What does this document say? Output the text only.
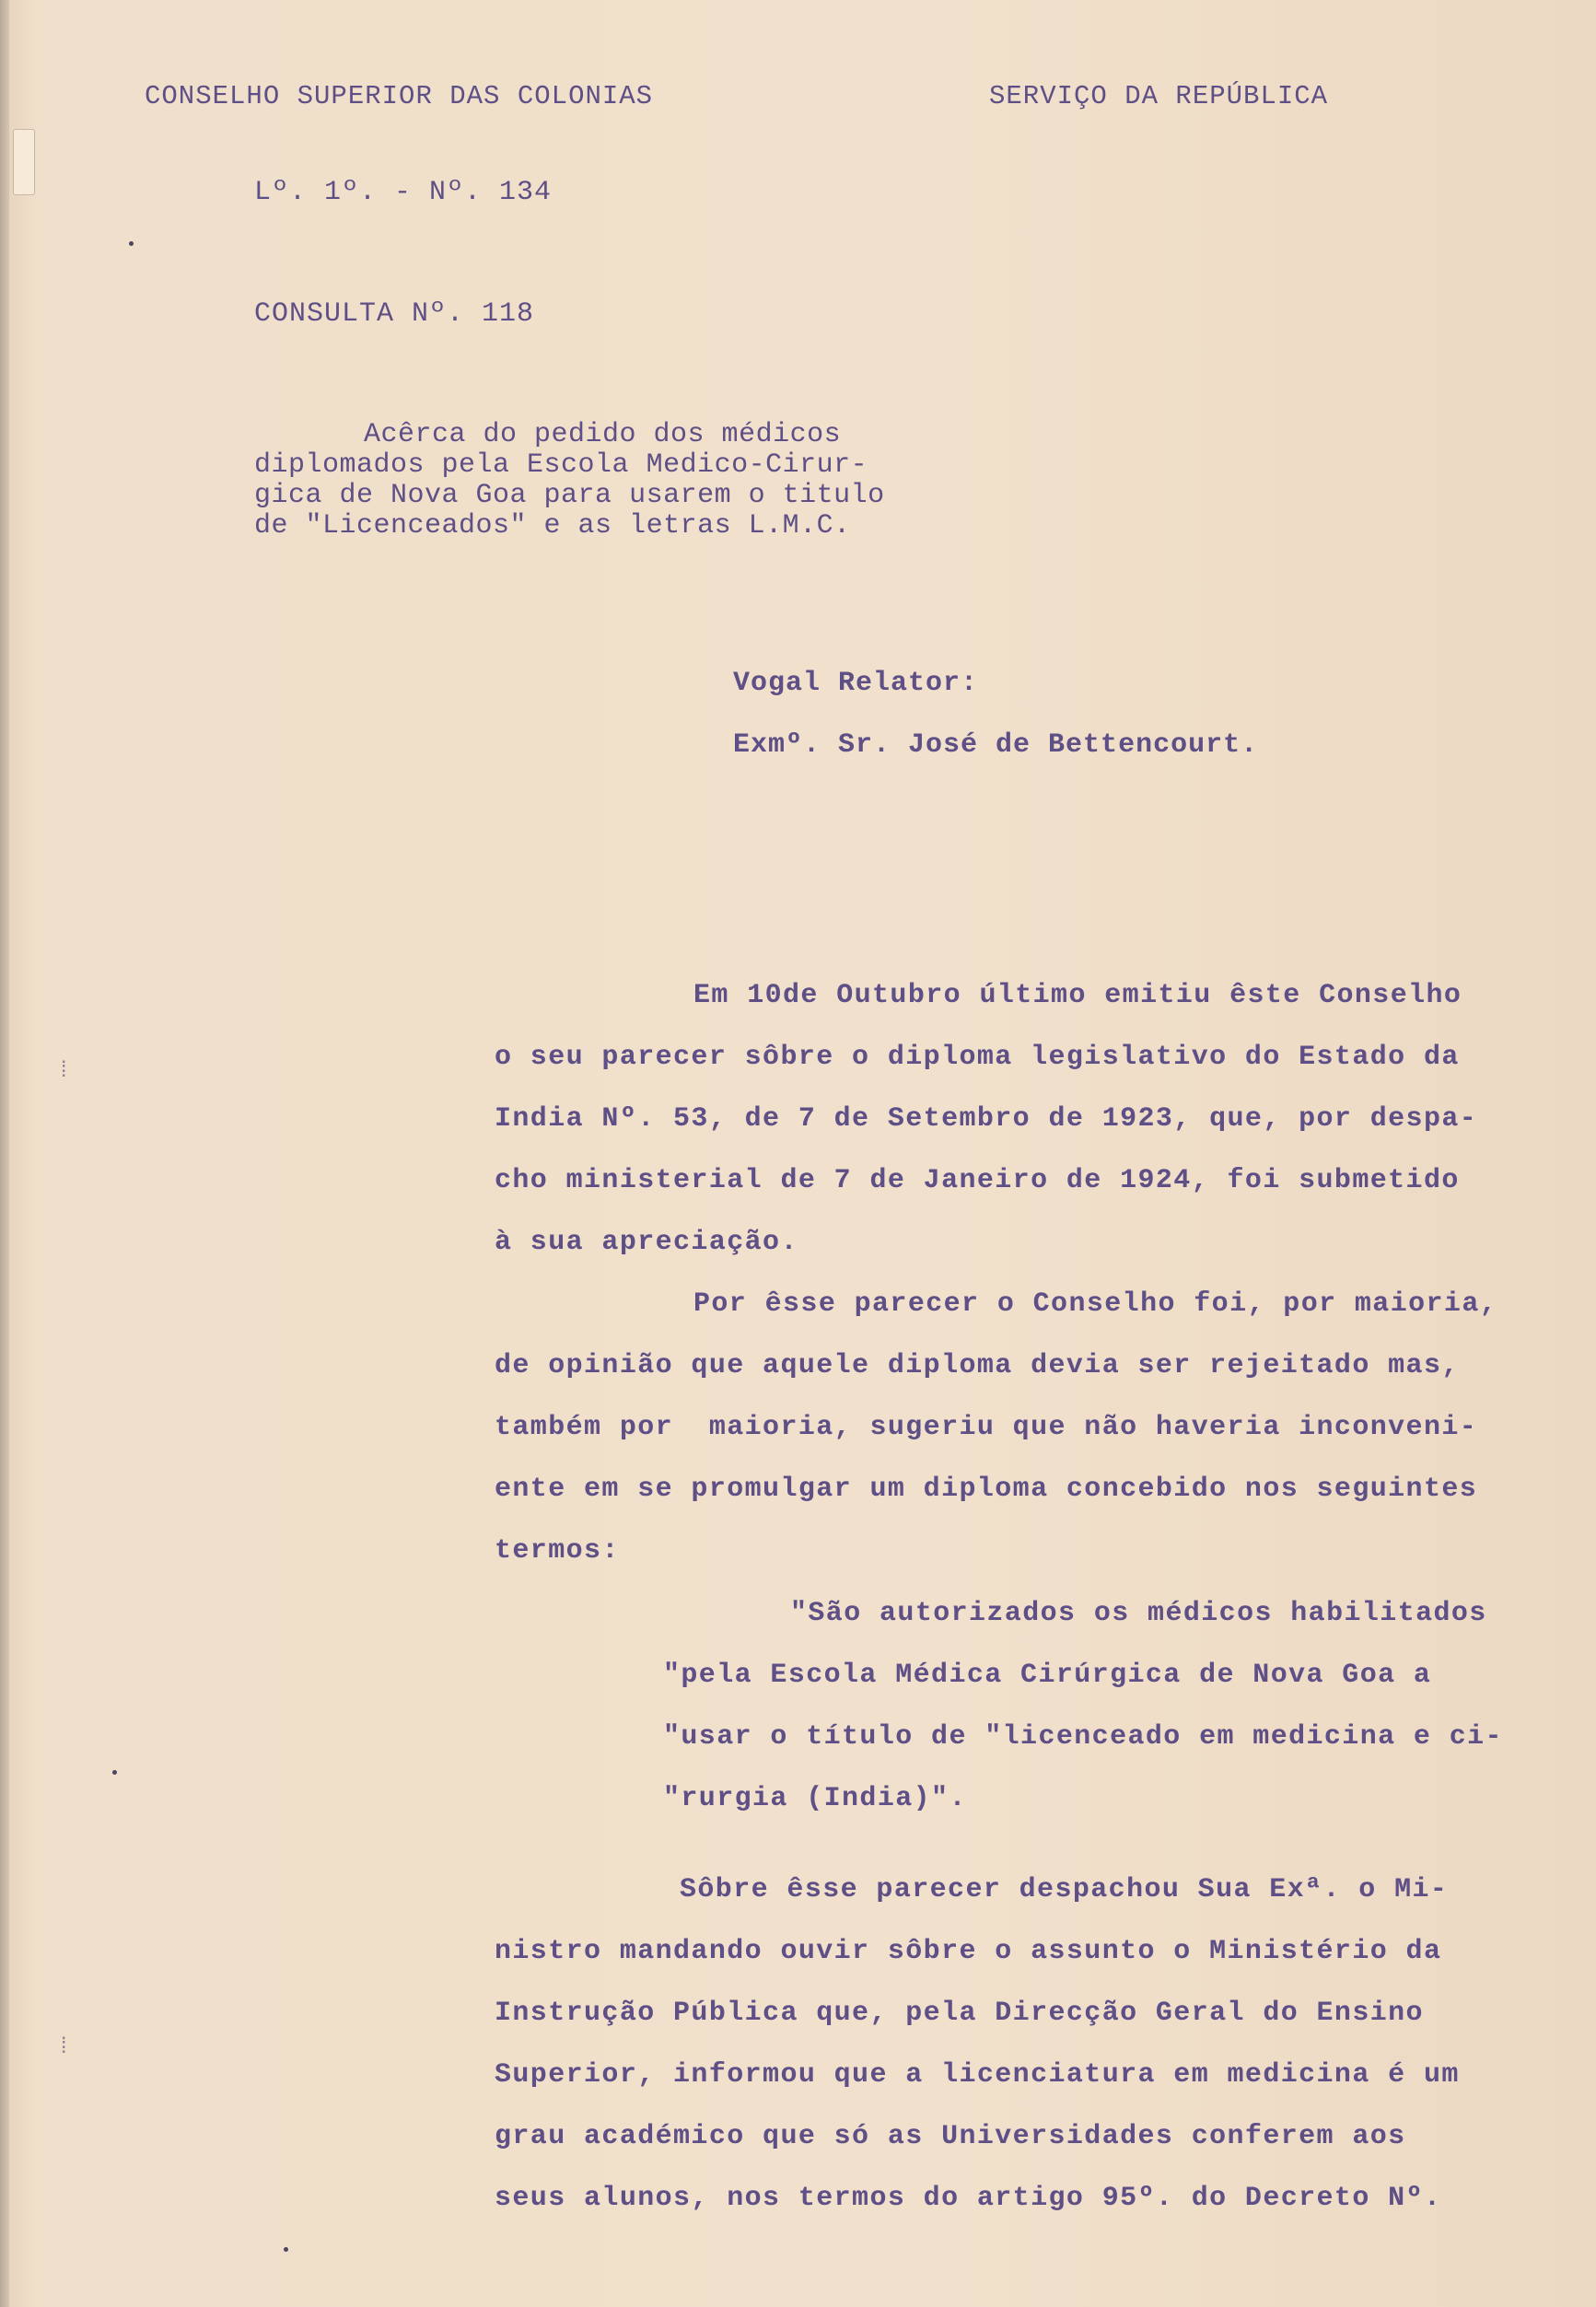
CONSELHO SUPERIOR DAS COLONIAS	SERVIÇO DA REPÚBLICA
Lº. 1º. - Nº. 134
CONSULTA Nº. 118
Acêrca do pedido dos médicos
diplomados pela Escola Medico-Cirur-
gica de Nova Goa para usarem o titulo
de "Licenceados" e as letras L.M.C.
Vogal Relator:
Exmº. Sr. José de Bettencourt.
Em 10de Outubro último emitiu êste Conselho
o seu parecer sôbre o diploma legislativo do Estado da
India Nº. 53, de 7 de Setembro de 1923, que, por despa-
cho ministerial de 7 de Janeiro de 1924, foi submetido
à sua apreciação.
Por êsse parecer o Conselho foi, por maioria,
de opinião que aquele diploma devia ser rejeitado mas,
também por  maioria, sugeriu que não haveria inconveni-
ente em se promulgar um diploma concebido nos seguintes
termos:
"São autorizados os médicos habilitados
"pela Escola Médica Cirúrgica de Nova Goa a
"usar o título de "licenceado em medicina e ci-
"rurgia (India)".
Sôbre êsse parecer despachou Sua Exª. o Mi-
nistro mandando ouvir sôbre o assunto o Ministério da
Instrução Pública que, pela Direcção Geral do Ensino
Superior, informou que a licenciatura em medicina é um
grau académico que só as Universidades conferem aos
seus alunos, nos termos do artigo 95º. do Decreto Nº.
⁞
⁞
